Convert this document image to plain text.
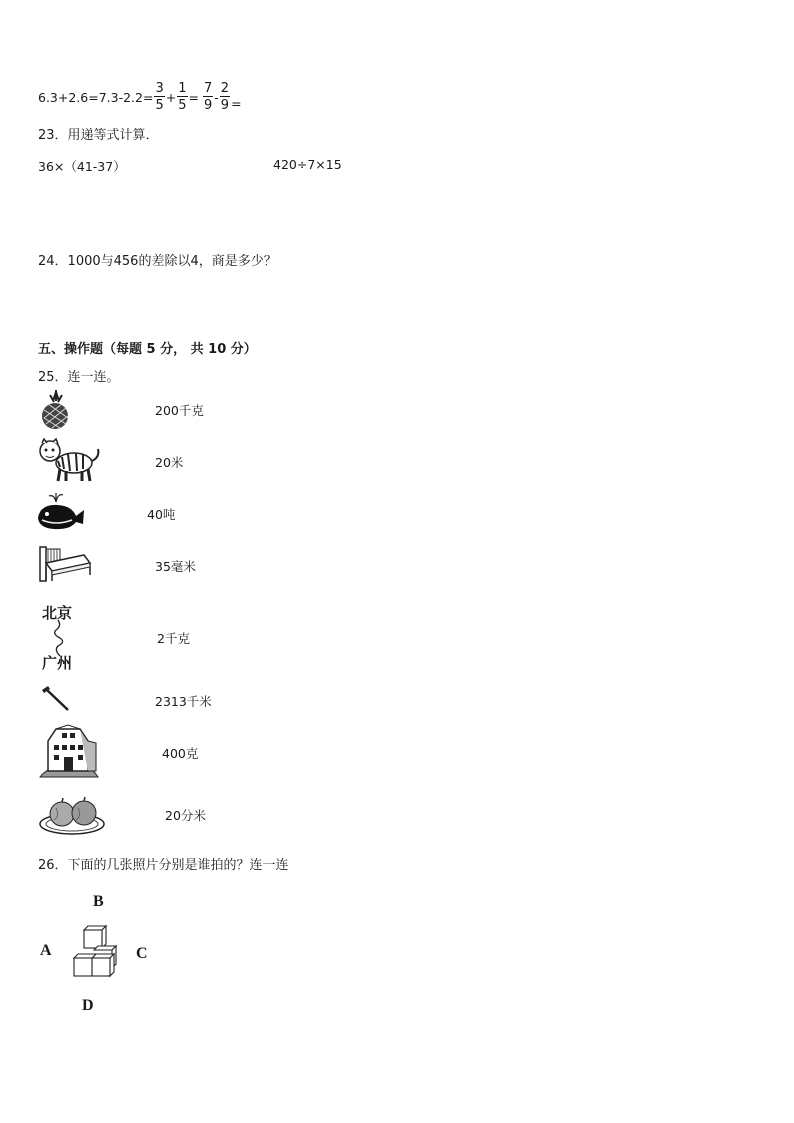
$6.3+2.6=7.3-2.2= \frac{3}{5} + \frac{1}{5} = \frac{7}{9} - \frac{2}{9}$ =
23．用递等式计算．
36×（41-37）	420÷7×15
24．1000与456的差除以4，商是多少？
五、操作题（每题 5 分， 共 10 分）
25．连一连。
200千克
20米
40吨
35毫米
北京
广州
2千克
2313千米
400克
20分米
26．下面的几张照片分别是谁拍的？连一连
B
A	C
D
